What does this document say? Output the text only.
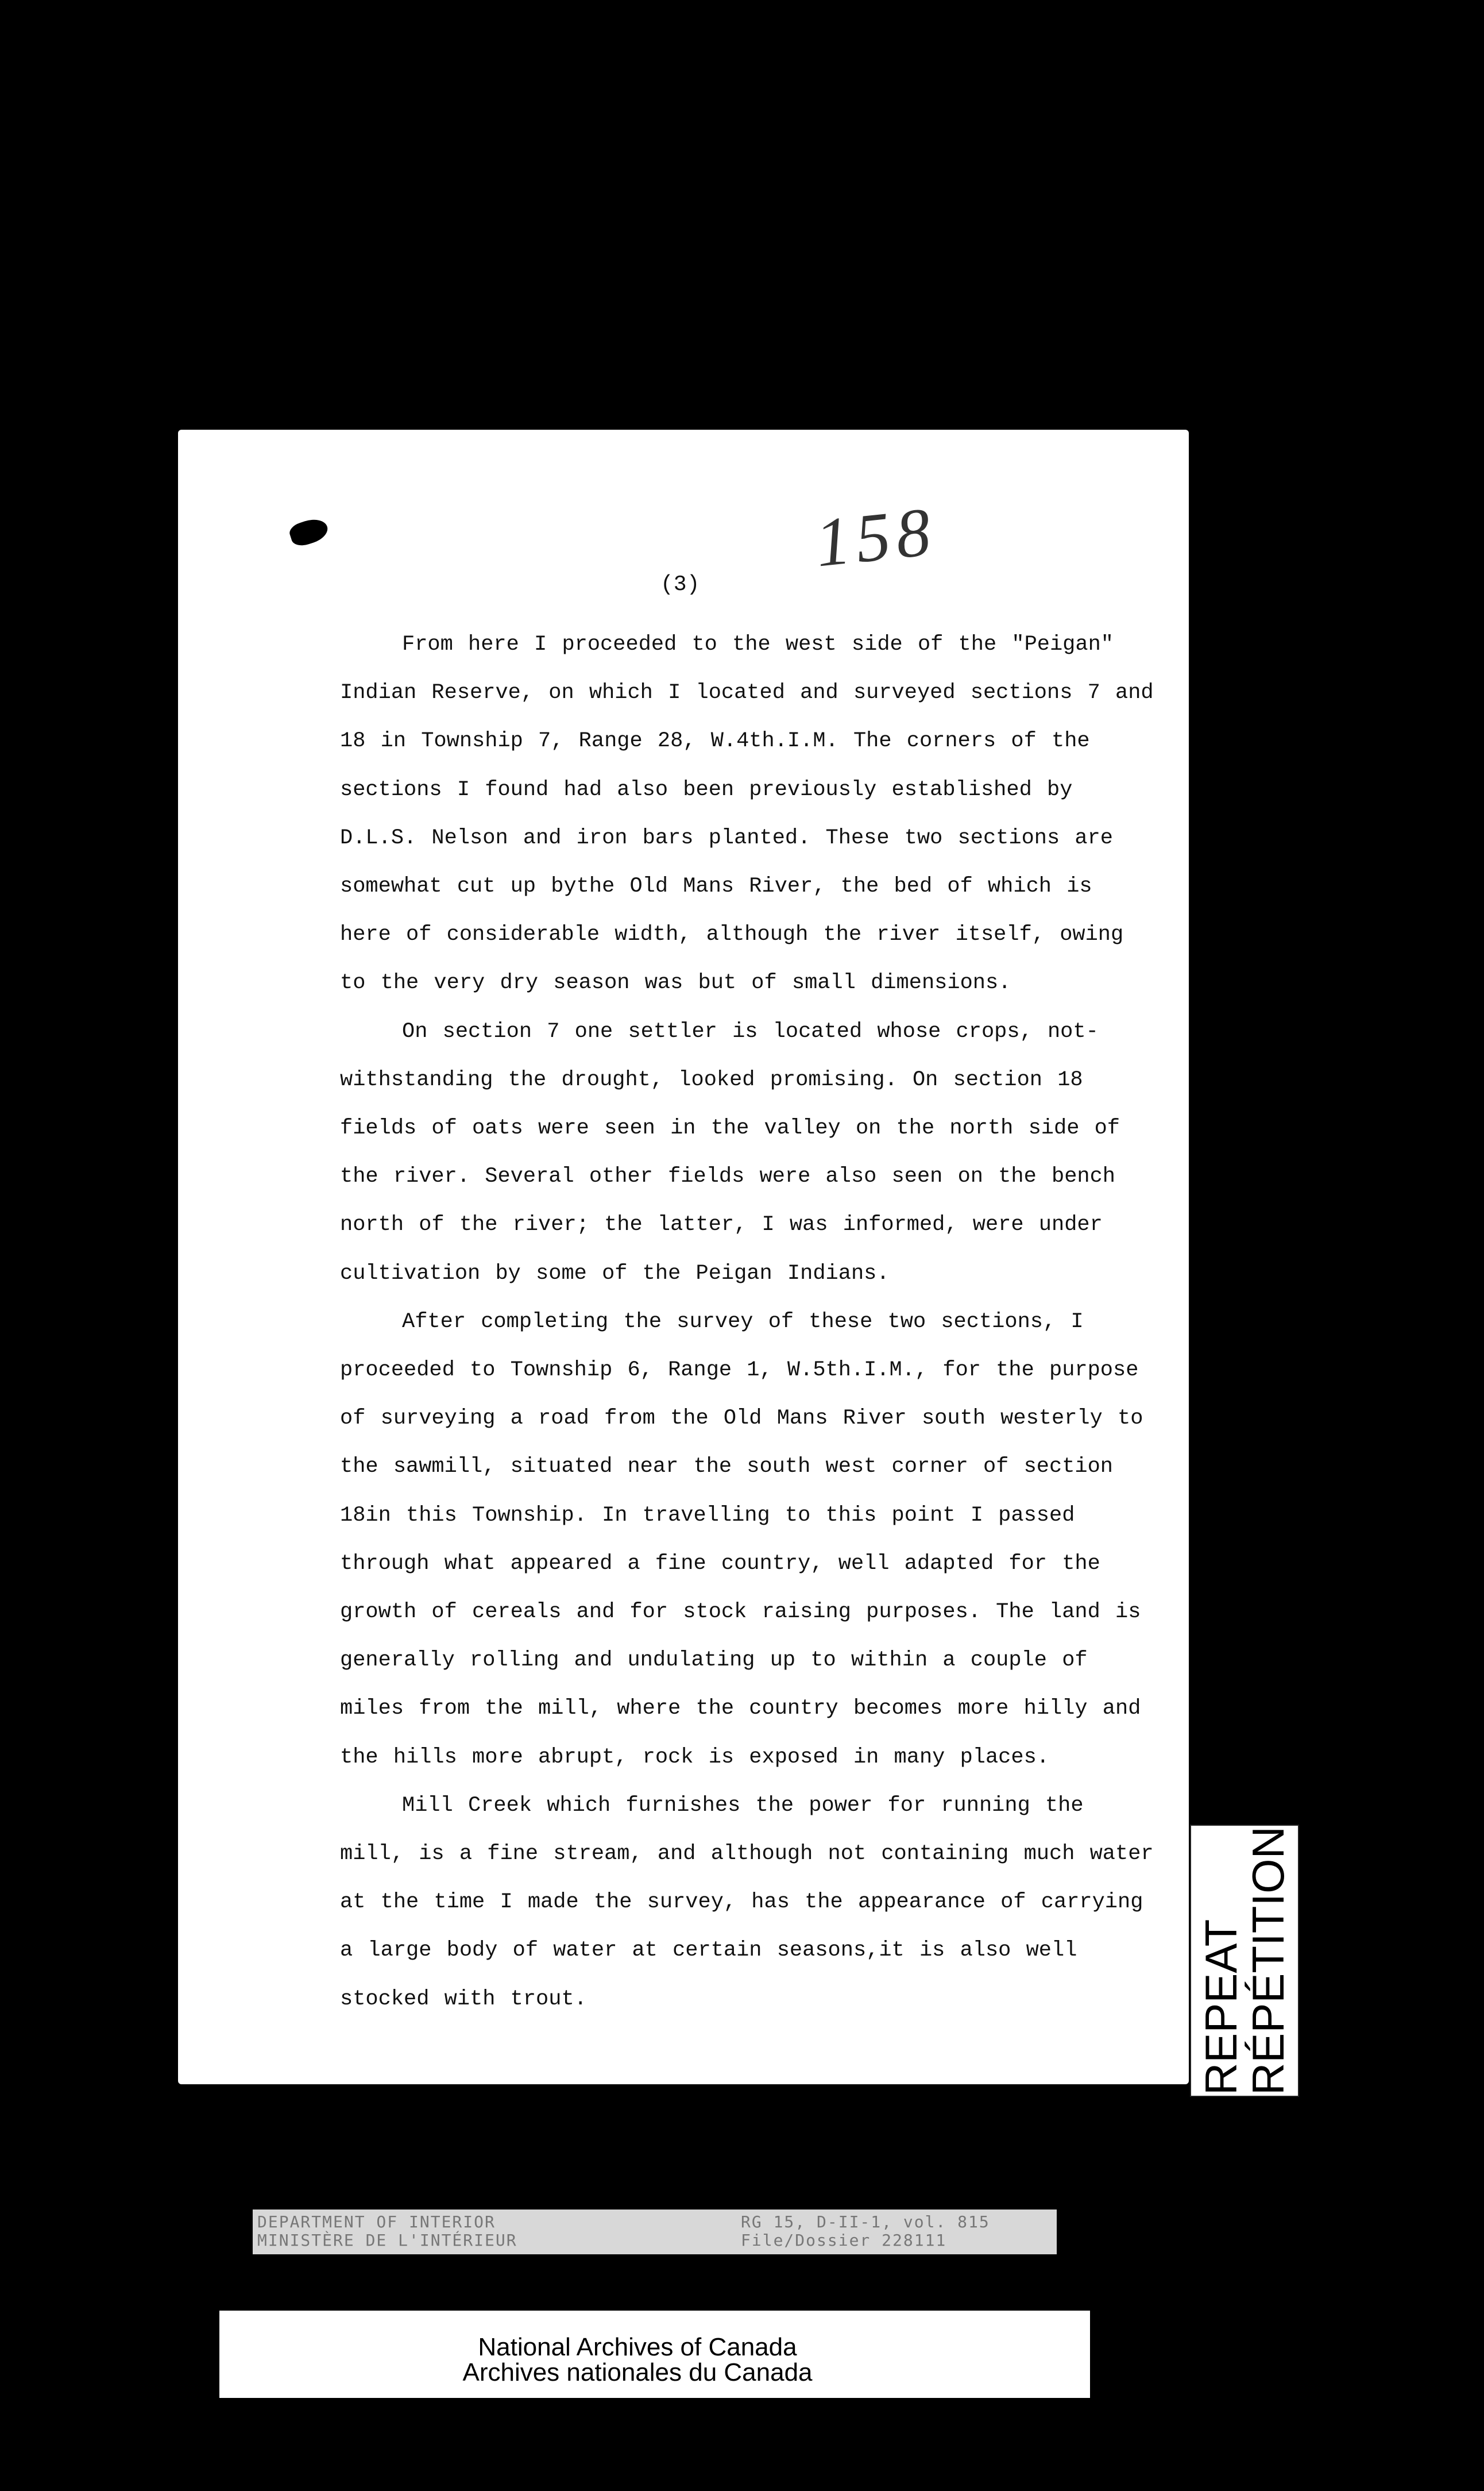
158
(3)

From here I proceeded to the west side of the "Peigan" Indian Reserve, on which I located and surveyed sections 7 and 18 in Township 7, Range 28, W.4th.I.M. The corners of the sections I found had also been previously established by D.L.S. Nelson and iron bars planted. These two sections are somewhat cut up bythe Old Mans River, the bed of which is here of considerable width, although the river itself, owing to the very dry season was but of small dimensions.

On section 7 one settler is located whose crops, not-withstanding the drought, looked promising. On section 18 fields of oats were seen in the valley on the north side of the river. Several other fields were also seen on the bench north of the river; the latter, I was informed, were under cultivation by some of the Peigan Indians.

After completing the survey of these two sections, I proceeded to Township 6, Range 1, W.5th.I.M., for the purpose of surveying a road from the Old Mans River south westerly to the sawmill, situated near the south west corner of section 18in this Township. In travelling to this point I passed through what appeared a fine country, well adapted for the growth of cereals and for stock raising purposes. The land is generally rolling and undulating up to within a couple of miles from the mill, where the country becomes more hilly and the hills more abrupt, rock is exposed in many places.

Mill Creek which furnishes the power for running the mill, is a fine stream, and although not containing much water at the time I made the survey, has the appearance of carrying a large body of water at certain seasons,it is also well stocked with trout.	REPEAT
RÉPÉTITION
DEPARTMENT OF INTERIOR
MINISTÈRE DE L'INTÉRIEUR
RG 15, D-II-1, vol. 815
File/Dossier 228111
National Archives of Canada
Archives nationales du Canada
